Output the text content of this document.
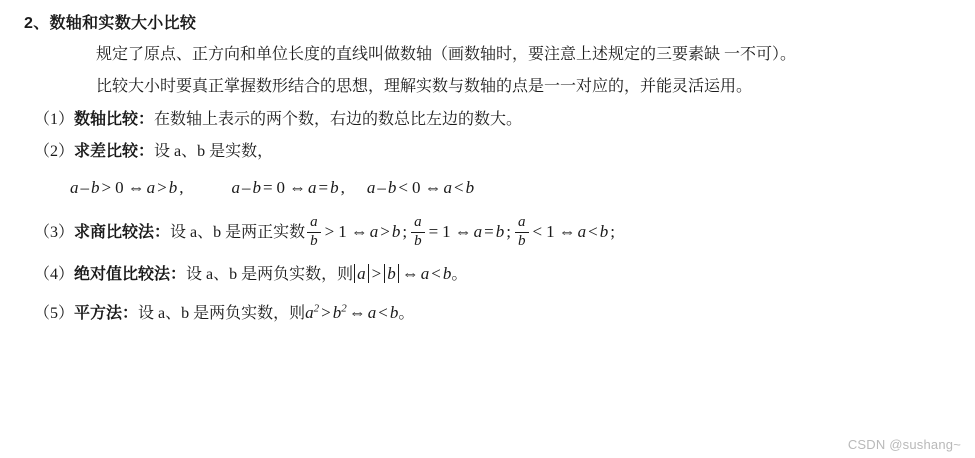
2、数轴和实数大小比较

规定了原点、正方向和单位长度的直线叫做数轴（画数轴时，要注意上述规定的三要素缺 一不可）。

比较大小时要真正掌握数形结合的思想，理解实数与数轴的点是一一对应的，并能灵活运用。

（1）数轴比较：在数轴上表示的两个数，右边的数总比左边的数大。
（2）求差比较：设 a、b 是实数，
a – b > 0 ⇔ a > b ,	a – b = 0 ⇔ a = b , a – b < 0 ⇔ a < b
（3）求商比较法：设 a、b 是两正实数 $\frac{a}{b} > 1$ ⇔ a > b ; $\frac{a}{b} = 1$ ⇔ a = b ; $\frac{a}{b} < 1$ ⇔ a < b ;
（4）绝对值比较法：设 a、b 是两负实数，则 a > b ⇔ a < b。
（5）平方法：设 a、b 是两负实数，则$a^2 > b^2$ ⇔ a < b。
CSDN @sushang~
